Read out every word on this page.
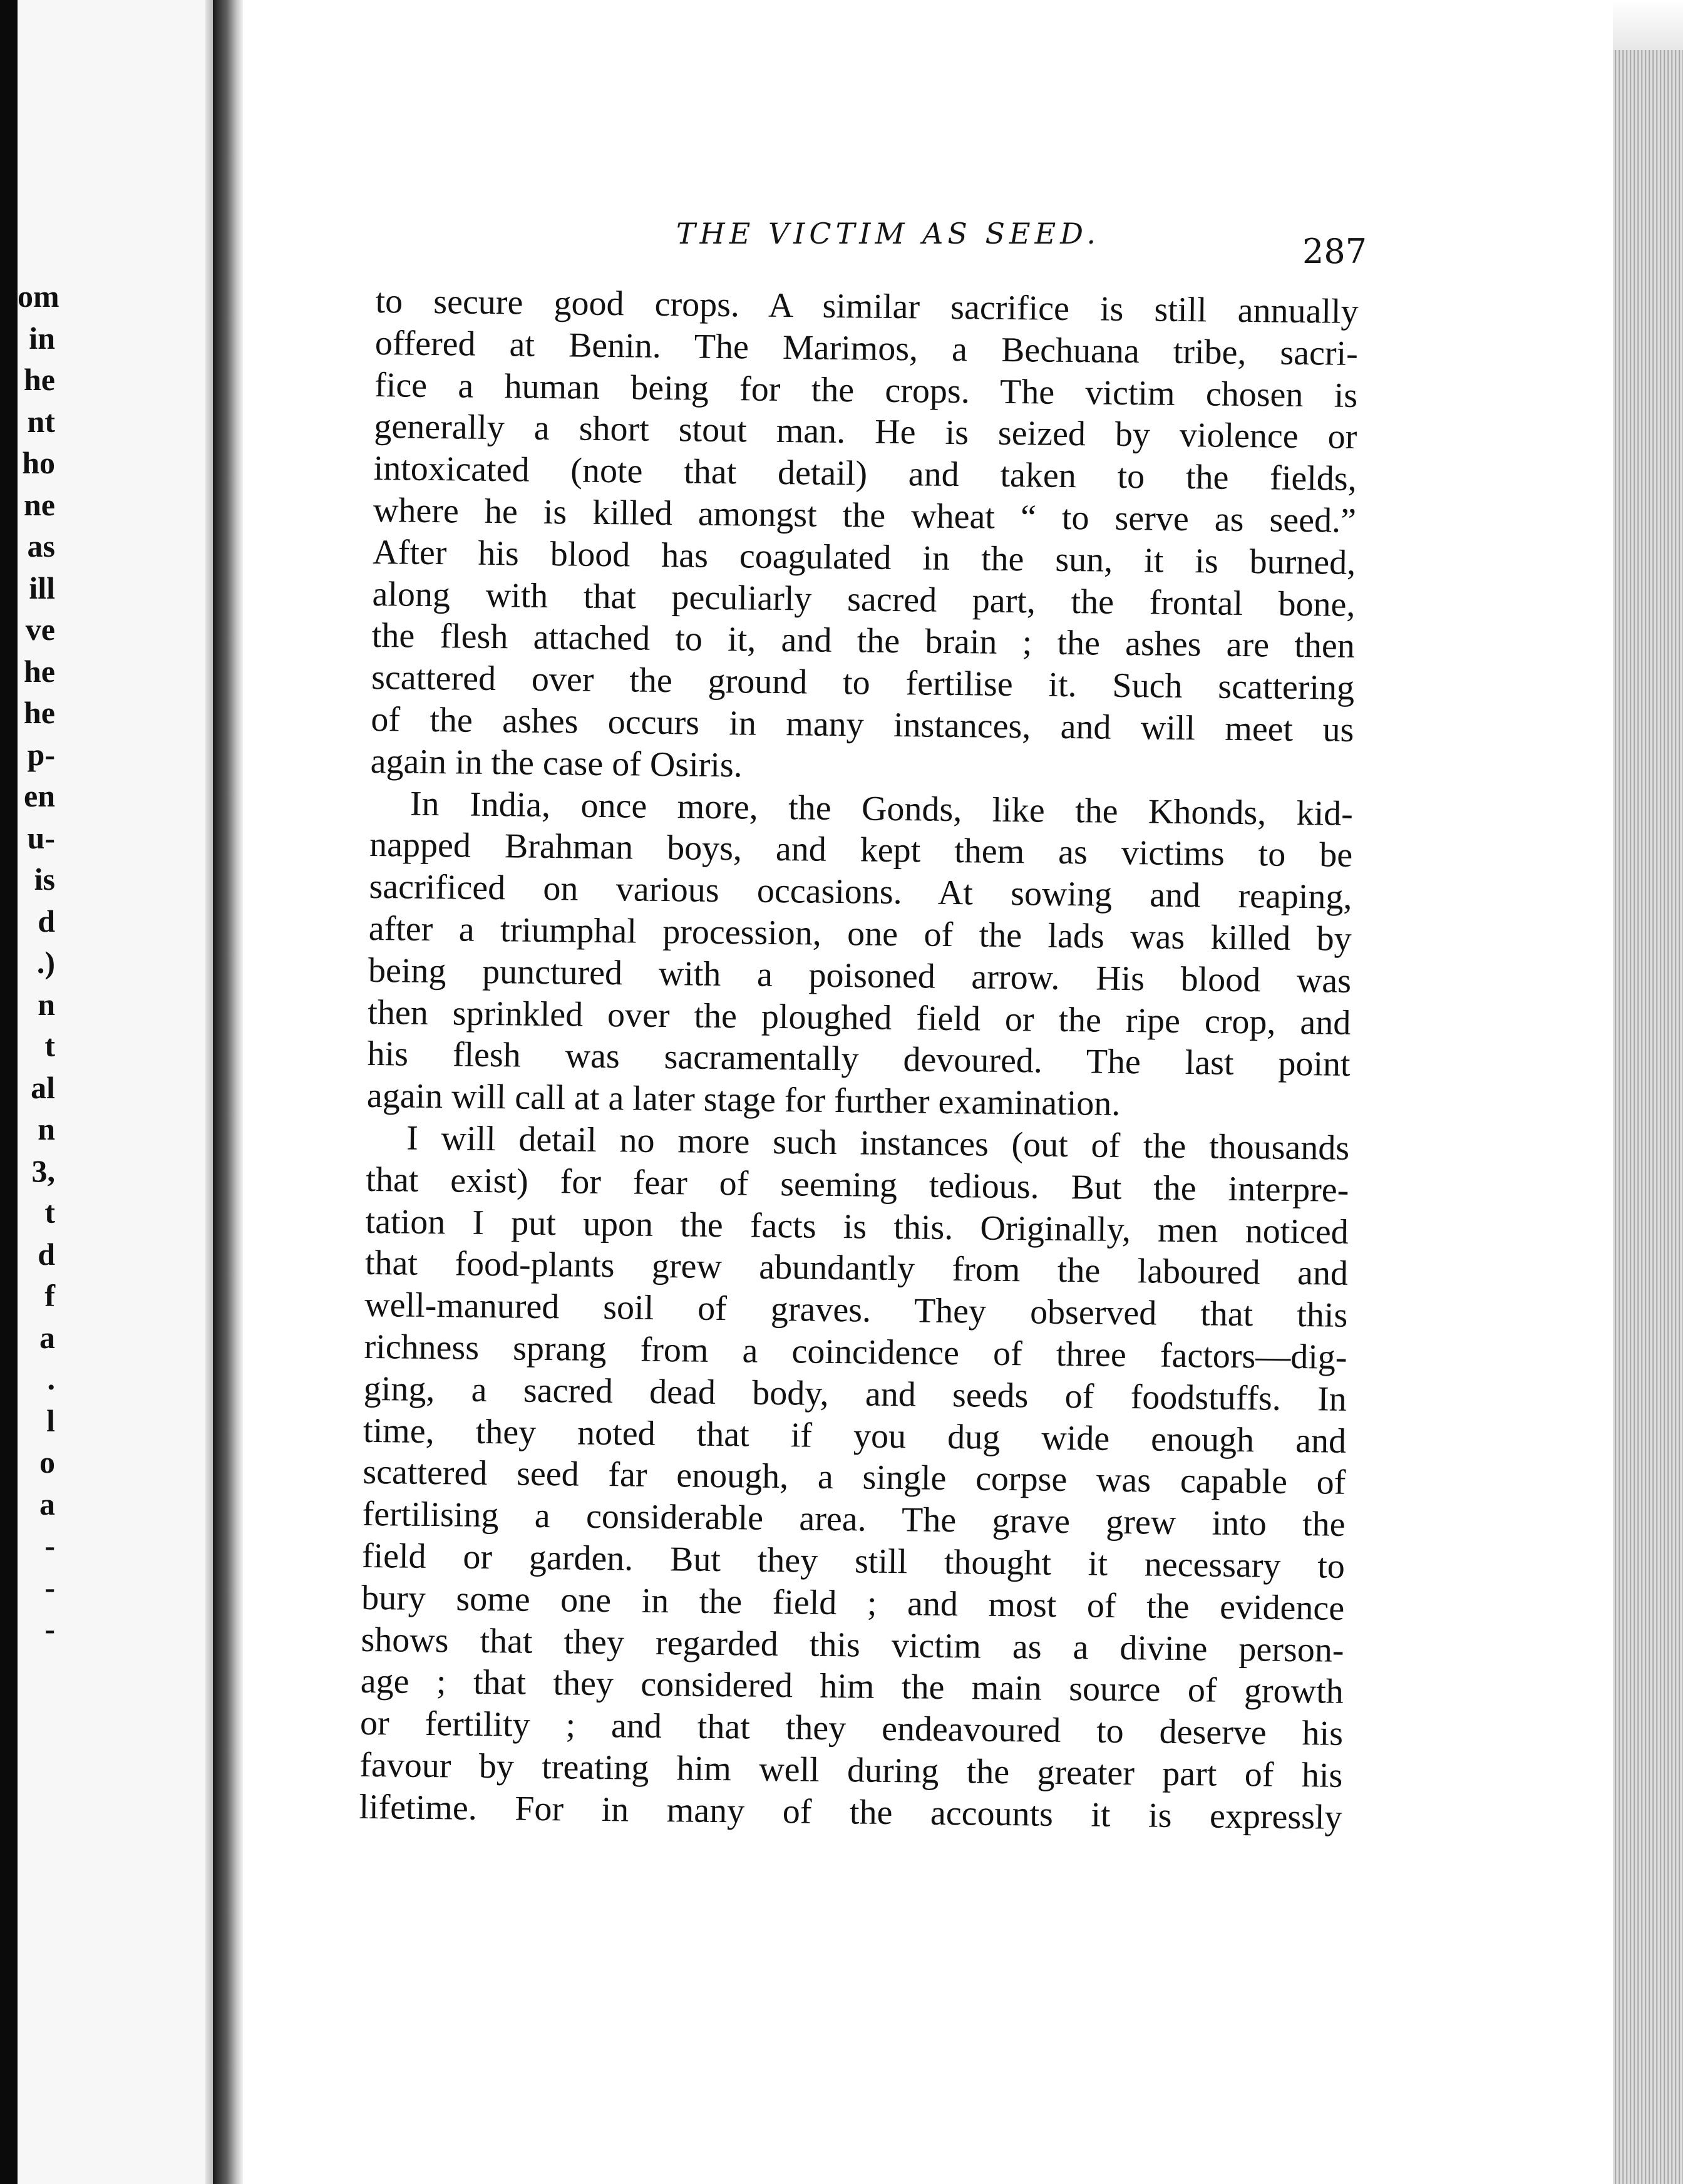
om
in
he
nt
ho
ne
as
ill
ve
he
he
p-
en
u-
is
d
.)
n
t
al
n
3,
t
d
f
a
.
l
o
a
-
-
-
THE VICTIM AS SEED.	287
to secure good crops. A similar sacrifice is still annually
offered at Benin. The Marimos, a Bechuana tribe, sacri-
fice a human being for the crops. The victim chosen is
generally a short stout man. He is seized by violence or
intoxicated (note that detail) and taken to the fields,
where he is killed amongst the wheat “ to serve as seed.”
After his blood has coagulated in the sun, it is burned,
along with that peculiarly sacred part, the frontal bone,
the flesh attached to it, and the brain ; the ashes are then
scattered over the ground to fertilise it. Such scattering
of the ashes occurs in many instances, and will meet us
again in the case of Osiris.
In India, once more, the Gonds, like the Khonds, kid-
napped Brahman boys, and kept them as victims to be
sacrificed on various occasions. At sowing and reaping,
after a triumphal procession, one of the lads was killed by
being punctured with a poisoned arrow. His blood was
then sprinkled over the ploughed field or the ripe crop, and
his flesh was sacramentally devoured. The last point
again will call at a later stage for further examination.
I will detail no more such instances (out of the thousands
that exist) for fear of seeming tedious. But the interpre-
tation I put upon the facts is this. Originally, men noticed
that food-plants grew abundantly from the laboured and
well-manured soil of graves. They observed that this
richness sprang from a coincidence of three factors—dig-
ging, a sacred dead body, and seeds of foodstuffs. In
time, they noted that if you dug wide enough and
scattered seed far enough, a single corpse was capable of
fertilising a considerable area. The grave grew into the
field or garden. But they still thought it necessary to
bury some one in the field ; and most of the evidence
shows that they regarded this victim as a divine person-
age ; that they considered him the main source of growth
or fertility ; and that they endeavoured to deserve his
favour by treating him well during the greater part of his
lifetime. For in many of the accounts it is expressly
